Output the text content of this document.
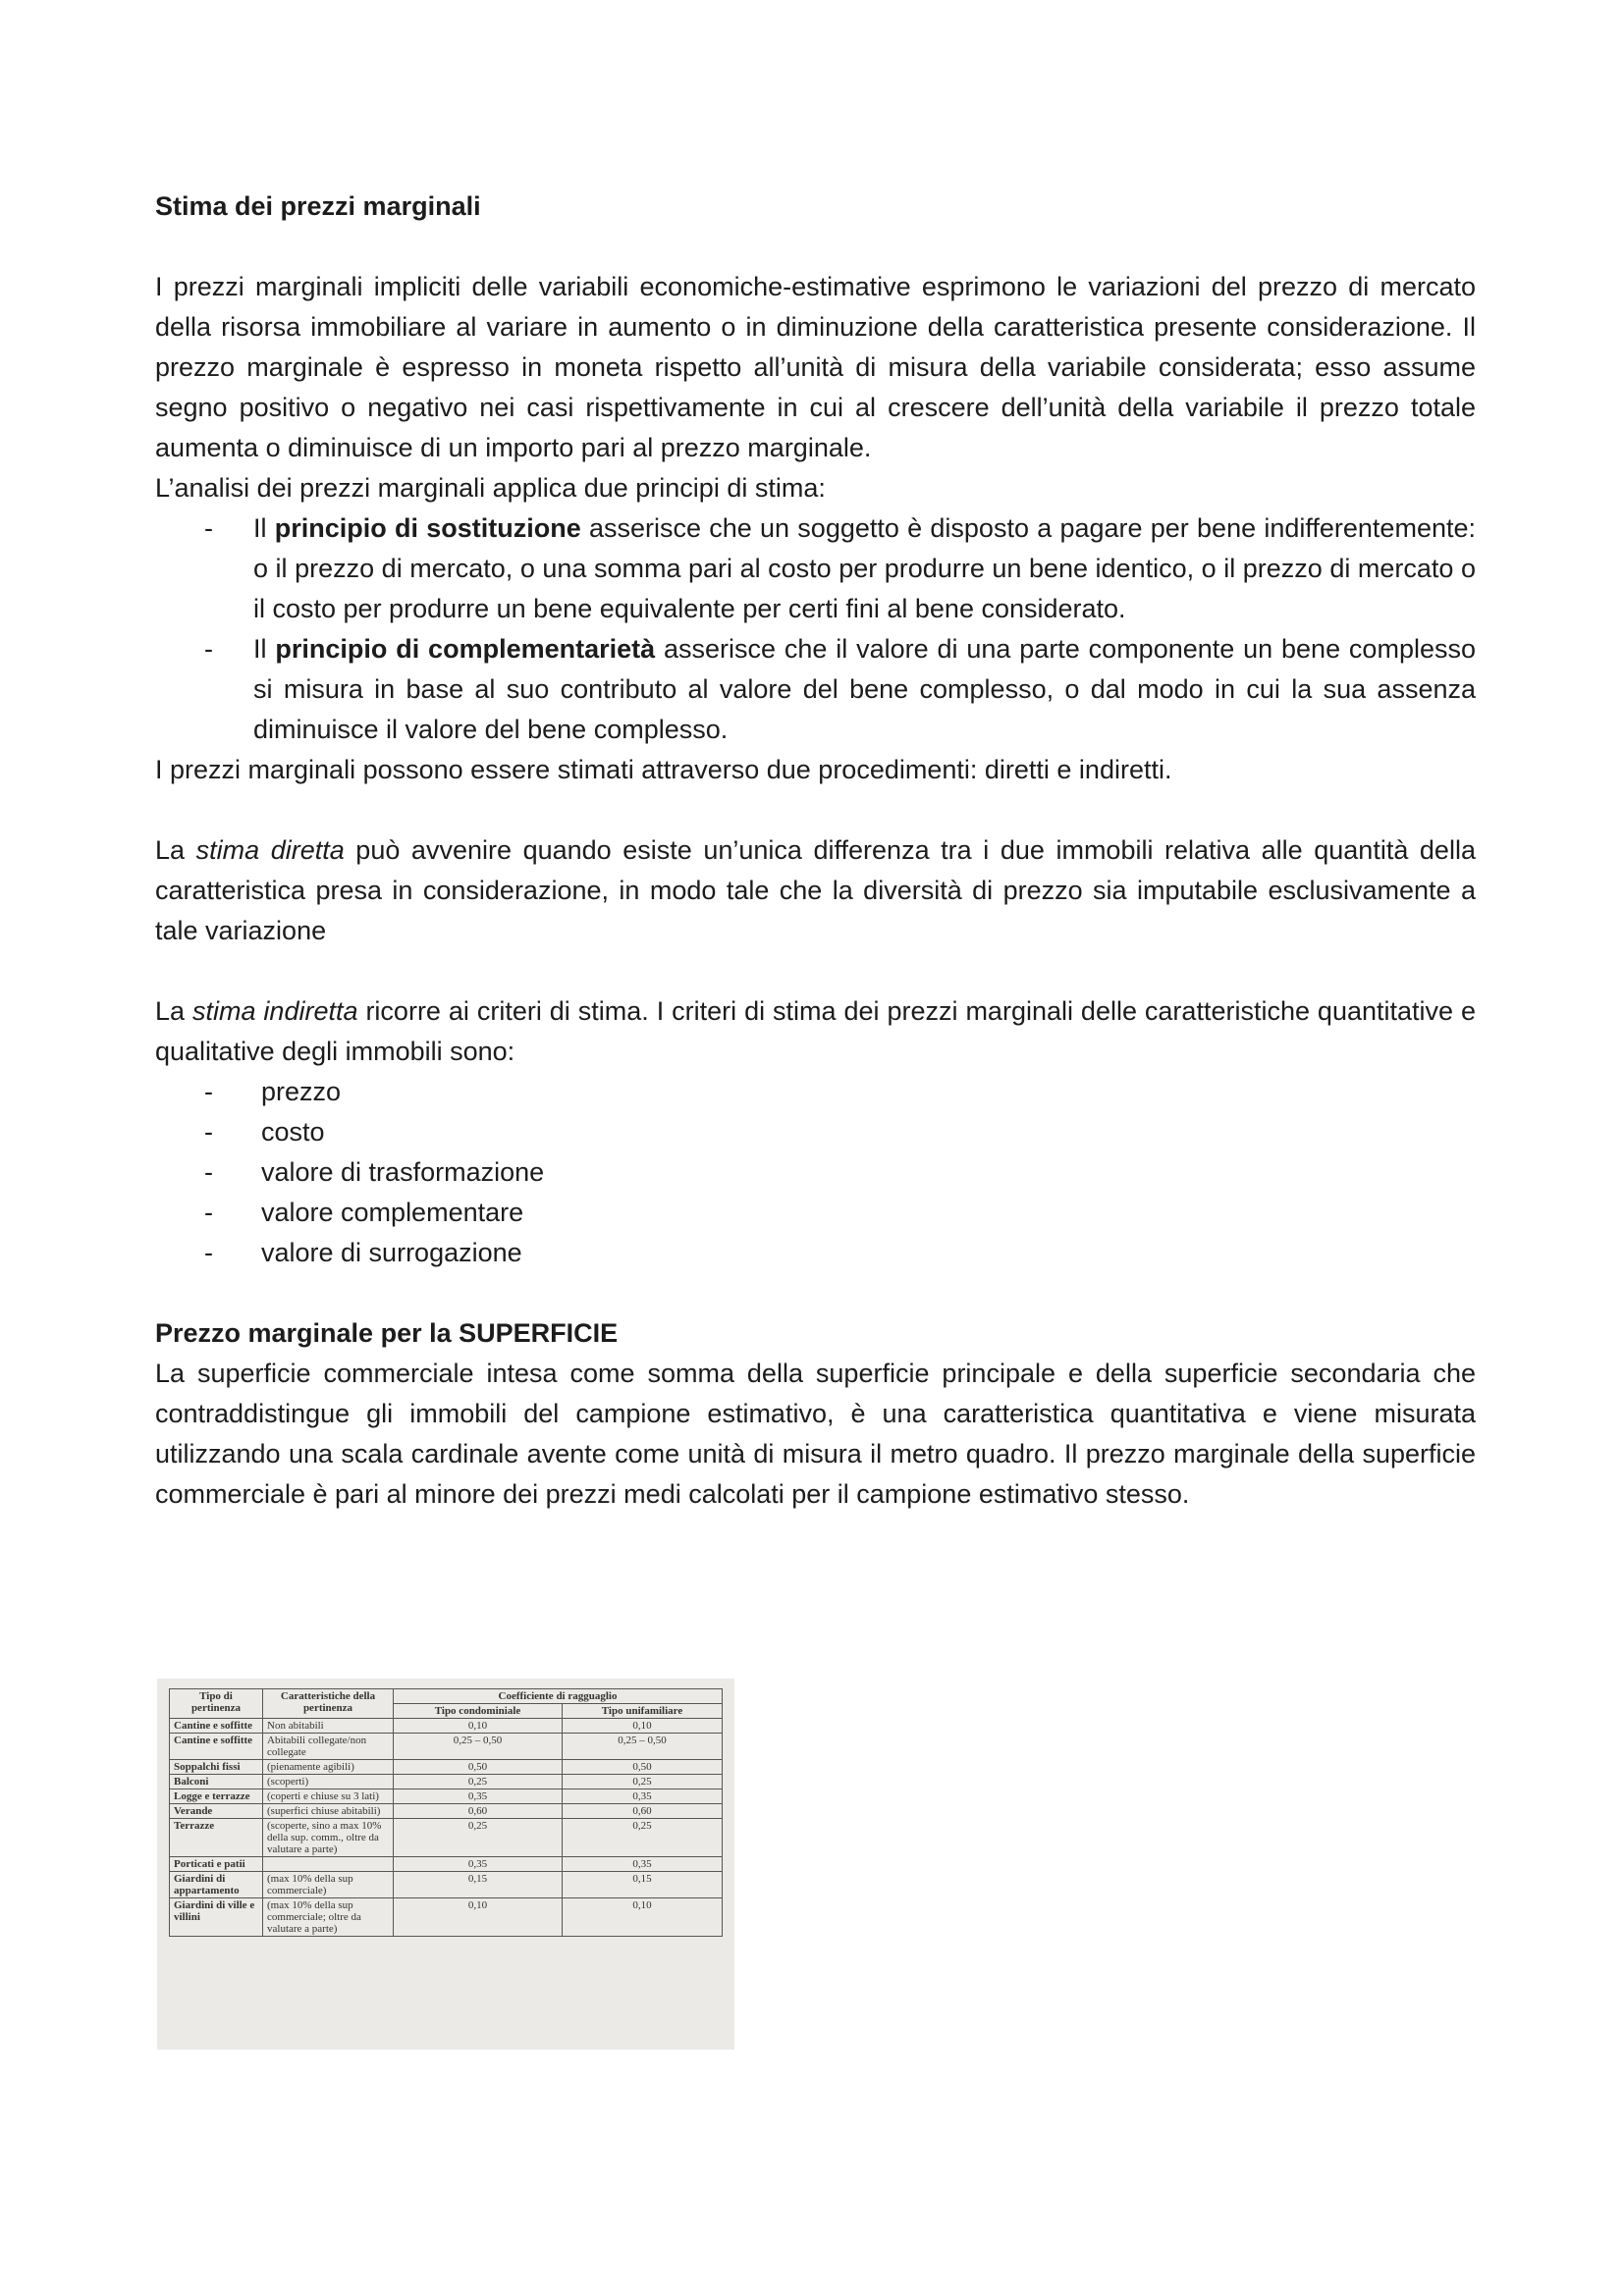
Stima dei prezzi marginali

I prezzi marginali impliciti delle variabili economiche-estimative esprimono le variazioni del prezzo di mercato della risorsa immobiliare al variare in aumento o in diminuzione della caratteristica presente considerazione. Il prezzo marginale è espresso in moneta rispetto all’unità di misura della variabile considerata; esso assume segno positivo o negativo nei casi rispettivamente in cui al crescere dell’unità della variabile il prezzo totale aumenta o diminuisce di un importo pari al prezzo marginale.

L’analisi dei prezzi marginali applica due principi di stima:

- Il principio di sostituzione asserisce che un soggetto è disposto a pagare per bene indifferentemente: o il prezzo di mercato, o una somma pari al costo per produrre un bene identico, o il prezzo di mercato o il costo per produrre un bene equivalente per certi fini al bene considerato.
- Il principio di complementarietà asserisce che il valore di una parte componente un bene complesso si misura in base al suo contributo al valore del bene complesso, o dal modo in cui la sua assenza diminuisce il valore del bene complesso.

I prezzi marginali possono essere stimati attraverso due procedimenti: diretti e indiretti.

La stima diretta può avvenire quando esiste un’unica differenza tra i due immobili relativa alle quantità della caratteristica presa in considerazione, in modo tale che la diversità di prezzo sia imputabile esclusivamente a tale variazione

La stima indiretta ricorre ai criteri di stima. I criteri di stima dei prezzi marginali delle caratteristiche quantitative e qualitative degli immobili sono:

- prezzo
- costo
- valore di trasformazione
- valore complementare
- valore di surrogazione
Prezzo marginale per la SUPERFICIE

La superficie commerciale intesa come somma della superficie principale e della superficie secondaria che contraddistingue gli immobili del campione estimativo, è una caratteristica quantitativa e viene misurata utilizzando una scala cardinale avente come unità di misura il metro quadro. Il prezzo marginale della superficie commerciale è pari al minore dei prezzi medi calcolati per il campione estimativo stesso.

Tipo di pertinenza	Caratteristiche della pertinenza	Coefficiente di ragguaglio	
		Tipo condominiale	Tipo unifamiliare
Cantine e soffitte	Non abitabili	0,10	0,10
Cantine e soffitte	Abitabili collegate/non collegate	0,25 – 0,50	0,25 – 0,50
Soppalchi fissi	(pienamente agibili)	0,50	0,50
Balconi	(scoperti)	0,25	0,25
Logge e terrazze	(coperti e chiuse su 3 lati)	0,35	0,35
Verande	(superfici chiuse abitabili)	0,60	0,60
Terrazze	(scoperte, sino a max 10% della sup. comm., oltre da valutare a parte)	0,25	0,25
Porticati e patii		0,35	0,35
Giardini di appartamento	(max 10% della sup commerciale)	0,15	0,15
Giardini di ville e villini	(max 10% della sup commerciale; oltre da valutare a parte)	0,10	0,10
